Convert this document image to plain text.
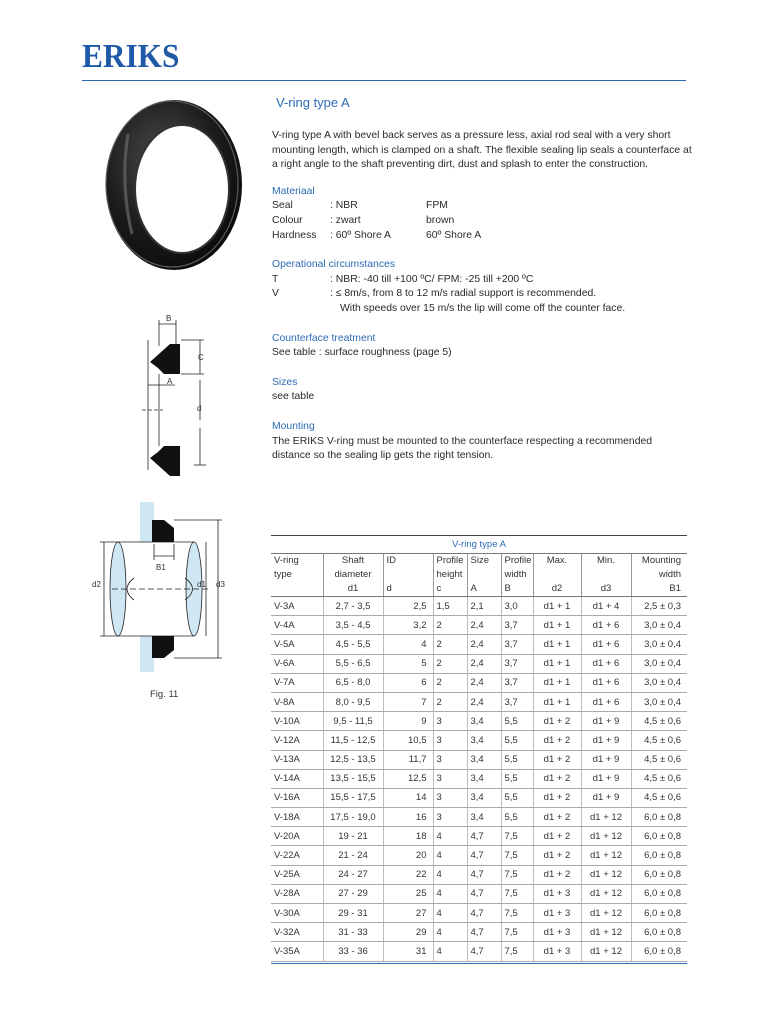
ERIKS
B
C
A
d
B1
d2	d1 d3
Fig. 11
V-ring type A

V-ring type A with bevel back serves as a pressure less, axial rod seal with a very short mounting length, which is clamped on a shaft. The flexible sealing lip seals a counterface at a right angle to the shaft preventing dirt, dust and splash to enter the construction.

Materiaal
Seal	: NBR	FPM
Colour	: zwart	brown
Hardness	: 60º Shore A	60º Shore A
Operational circumstances
T	: NBR: -40 till +100 ºC/ FPM: -25 till +200 ºC
V	: ≤ 8m/s, from 8 to 12 m/s radial support is recommended.
With speeds over 15 m/s the lip will come off the counter face.
Counterface treatment
See table : surface roughness (page 5)
Sizes
see table
Mounting
The ERIKS V-ring must be mounted to the counterface respecting a recommended distance so the sealing lip gets the right tension.
V-ring type A								
V-ring	Shaft	ID	Profile	Size	Profile	Max.	Min.	Mounting
type	diameter		height		width			width
	d1	d	c	A	B	d2	d3	B1
V-3A	2,7 - 3,5	2,5	1,5	2,1	3,0	d1 + 1	d1 + 4	2,5 ± 0,3
V-4A	3,5 - 4,5	3,2	2	2,4	3,7	d1 + 1	d1 + 6	3,0 ± 0,4
V-5A	4,5 - 5,5	4	2	2,4	3,7	d1 + 1	d1 + 6	3,0 ± 0,4
V-6A	5,5 - 6,5	5	2	2,4	3,7	d1 + 1	d1 + 6	3,0 ± 0,4
V-7A	6,5 - 8,0	6	2	2,4	3,7	d1 + 1	d1 + 6	3,0 ± 0,4
V-8A	8,0 - 9,5	7	2	2,4	3,7	d1 + 1	d1 + 6	3,0 ± 0,4
V-10A	9,5 - 11,5	9	3	3,4	5,5	d1 + 2	d1 + 9	4,5 ± 0,6
V-12A	11,5 - 12,5	10,5	3	3,4	5,5	d1 + 2	d1 + 9	4,5 ± 0,6
V-13A	12,5 - 13,5	11,7	3	3,4	5,5	d1 + 2	d1 + 9	4,5 ± 0,6
V-14A	13,5 - 15,5	12,5	3	3,4	5,5	d1 + 2	d1 + 9	4,5 ± 0,6
V-16A	15,5 - 17,5	14	3	3,4	5,5	d1 + 2	d1 + 9	4,5 ± 0,6
V-18A	17,5 - 19,0	16	3	3,4	5,5	d1 + 2	d1 + 12	6,0 ± 0,8
V-20A	19 - 21	18	4	4,7	7,5	d1 + 2	d1 + 12	6,0 ± 0,8
V-22A	21 - 24	20	4	4,7	7,5	d1 + 2	d1 + 12	6,0 ± 0,8
V-25A	24 - 27	22	4	4,7	7,5	d1 + 2	d1 + 12	6,0 ± 0,8
V-28A	27 - 29	25	4	4,7	7,5	d1 + 3	d1 + 12	6,0 ± 0,8
V-30A	29 - 31	27	4	4,7	7,5	d1 + 3	d1 + 12	6,0 ± 0,8
V-32A	31 - 33	29	4	4,7	7,5	d1 + 3	d1 + 12	6,0 ± 0,8
V-35A	33 - 36	31	4	4,7	7,5	d1 + 3	d1 + 12	6,0 ± 0,8
